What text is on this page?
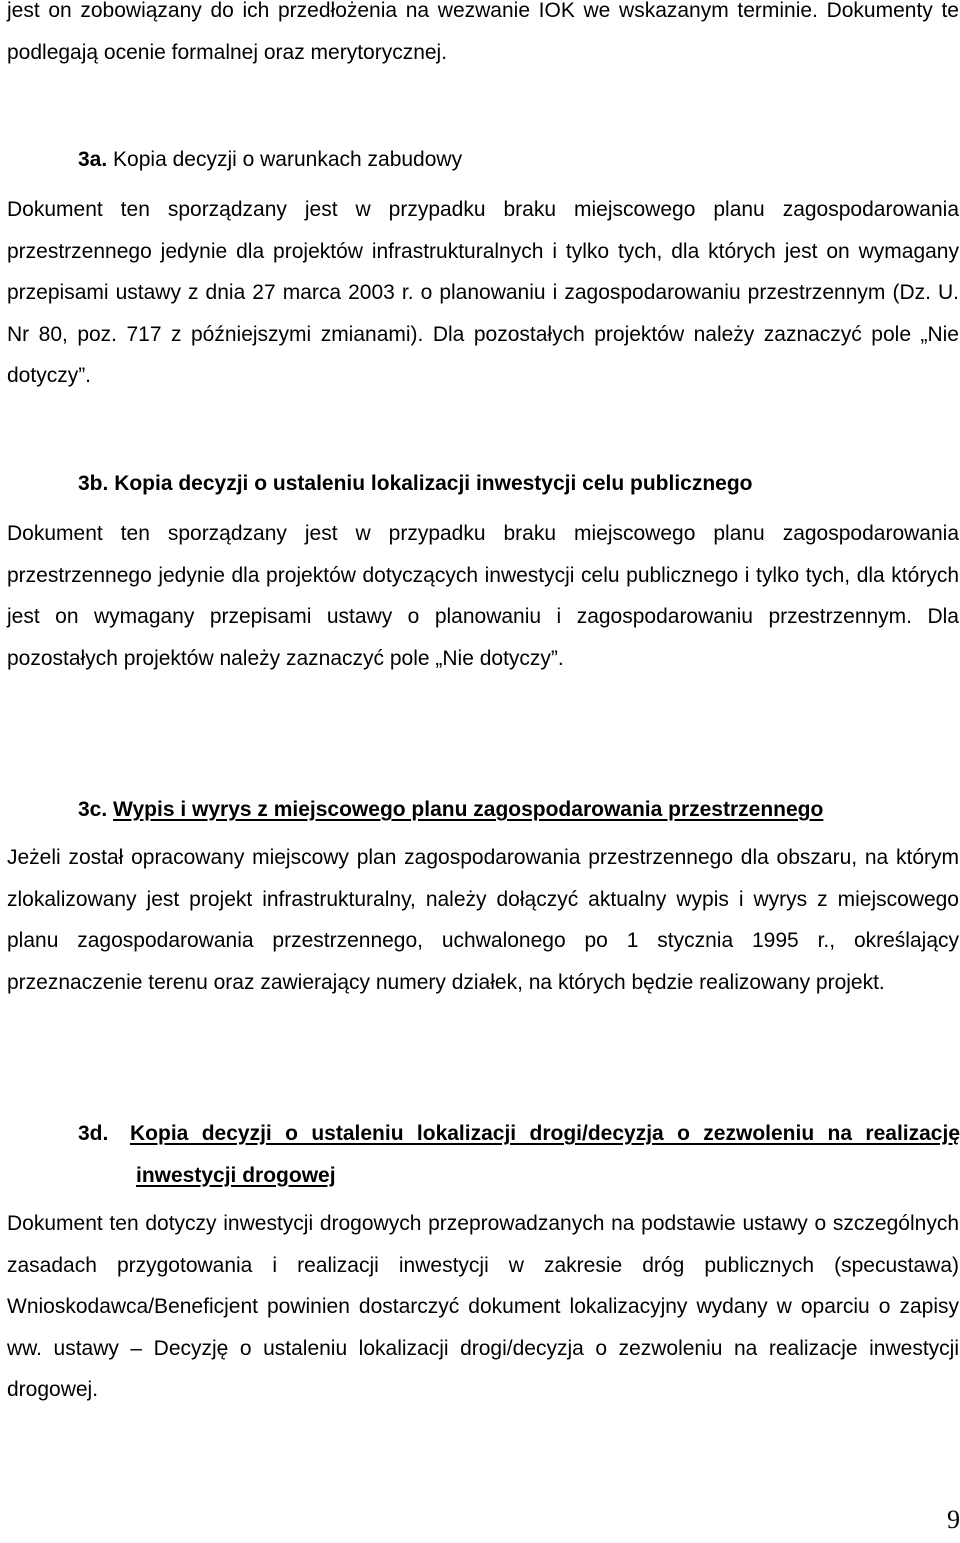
jest on zobowiązany do ich przedłożenia na wezwanie IOK we wskazanym terminie. Dokumenty te podlegają ocenie formalnej oraz merytorycznej.

3a. Kopia decyzji o warunkach zabudowy

Dokument ten sporządzany jest w przypadku braku miejscowego planu zagospodarowania przestrzennego jedynie dla projektów infrastrukturalnych i tylko tych, dla których jest on wymagany przepisami ustawy z dnia 27 marca 2003 r. o planowaniu i zagospodarowaniu przestrzennym (Dz. U. Nr 80, poz. 717 z późniejszymi zmianami). Dla pozostałych projektów należy zaznaczyć pole „Nie dotyczy”.

3b. Kopia decyzji o ustaleniu lokalizacji inwestycji celu publicznego

Dokument ten sporządzany jest w przypadku braku miejscowego planu zagospodarowania przestrzennego jedynie dla projektów dotyczących inwestycji celu publicznego i tylko tych, dla których jest on wymagany przepisami ustawy o planowaniu i zagospodarowaniu przestrzennym. Dla pozostałych projektów należy zaznaczyć pole „Nie dotyczy”.

3c. Wypis i wyrys z miejscowego planu zagospodarowania przestrzennego

Jeżeli został opracowany miejscowy plan zagospodarowania przestrzennego dla obszaru, na którym zlokalizowany jest projekt infrastrukturalny, należy dołączyć aktualny wypis i wyrys z miejscowego planu zagospodarowania przestrzennego, uchwalonego po 1 stycznia 1995 r., określający przeznaczenie terenu oraz zawierający numery działek, na których będzie realizowany projekt.

3d.	Kopia decyzji o ustaleniu lokalizacji drogi/decyzja o zezwoleniu na realizację inwestycji drogowej

Dokument ten dotyczy inwestycji drogowych przeprowadzanych na podstawie ustawy o szczególnych zasadach przygotowania i realizacji inwestycji w zakresie dróg publicznych (specustawa) Wnioskodawca/Beneficjent powinien dostarczyć dokument lokalizacyjny wydany w oparciu o zapisy ww. ustawy – Decyzję o ustaleniu lokalizacji drogi/decyzja o zezwoleniu na realizacje inwestycji drogowej.

9
